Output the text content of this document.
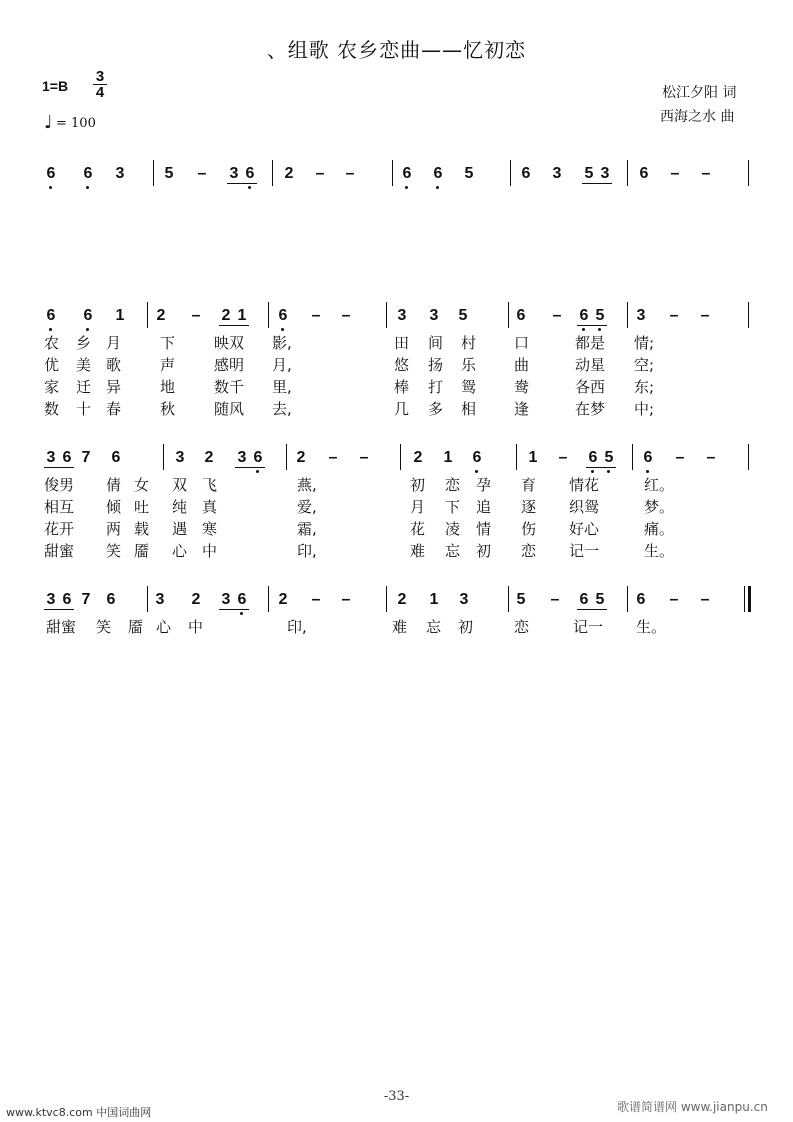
、组歌 农乡恋曲——忆初恋
1=B
3
4
♩ = 100
松江夕阳 词
西海之水 曲
6 6 3	5 – 3 6 2 – –	6 6 5	6 3 5 3 6 – –
6 6 1 2 – 2 1 6 – –	3 3 5	6 – 6 5 3 – –
农 乡 月	下	映双 影,	田 间 村	口	都是 情;
优 美 歌	声	感明 月,	悠 扬 乐	曲	动星 空;
家 迁 异	地	数千 里,	棒 打 鸳	鸯	各西 东;
数 十 春	秋	随风 去,	几 多 相	逢	在梦 中;
3 6 7 6	3 2 3 6 2 – –	2 1 6	1 – 6 5 6 – –
俊男 倩 女 双 飞	燕,	初 恋 孕 育 情花	红。
相互 倾 吐 纯 真	爱,	月 下 追 逐 织鸳	梦。
花开 两 载 遇 寒	霜,	花 凌 情 伤 好心	痛。
甜蜜 笑 靥 心 中	印,	难 忘 初 恋 记一	生。
3 6 7 6	3 2 3 6 2 – –	2 1 3	5 – 6 5 6 – –
甜蜜 笑 靥 心 中	印,	难 忘 初	恋	记一 生。
-33-
www.ktvc8.com 中国词曲网	歌谱简谱网 www.jianpu.cn
